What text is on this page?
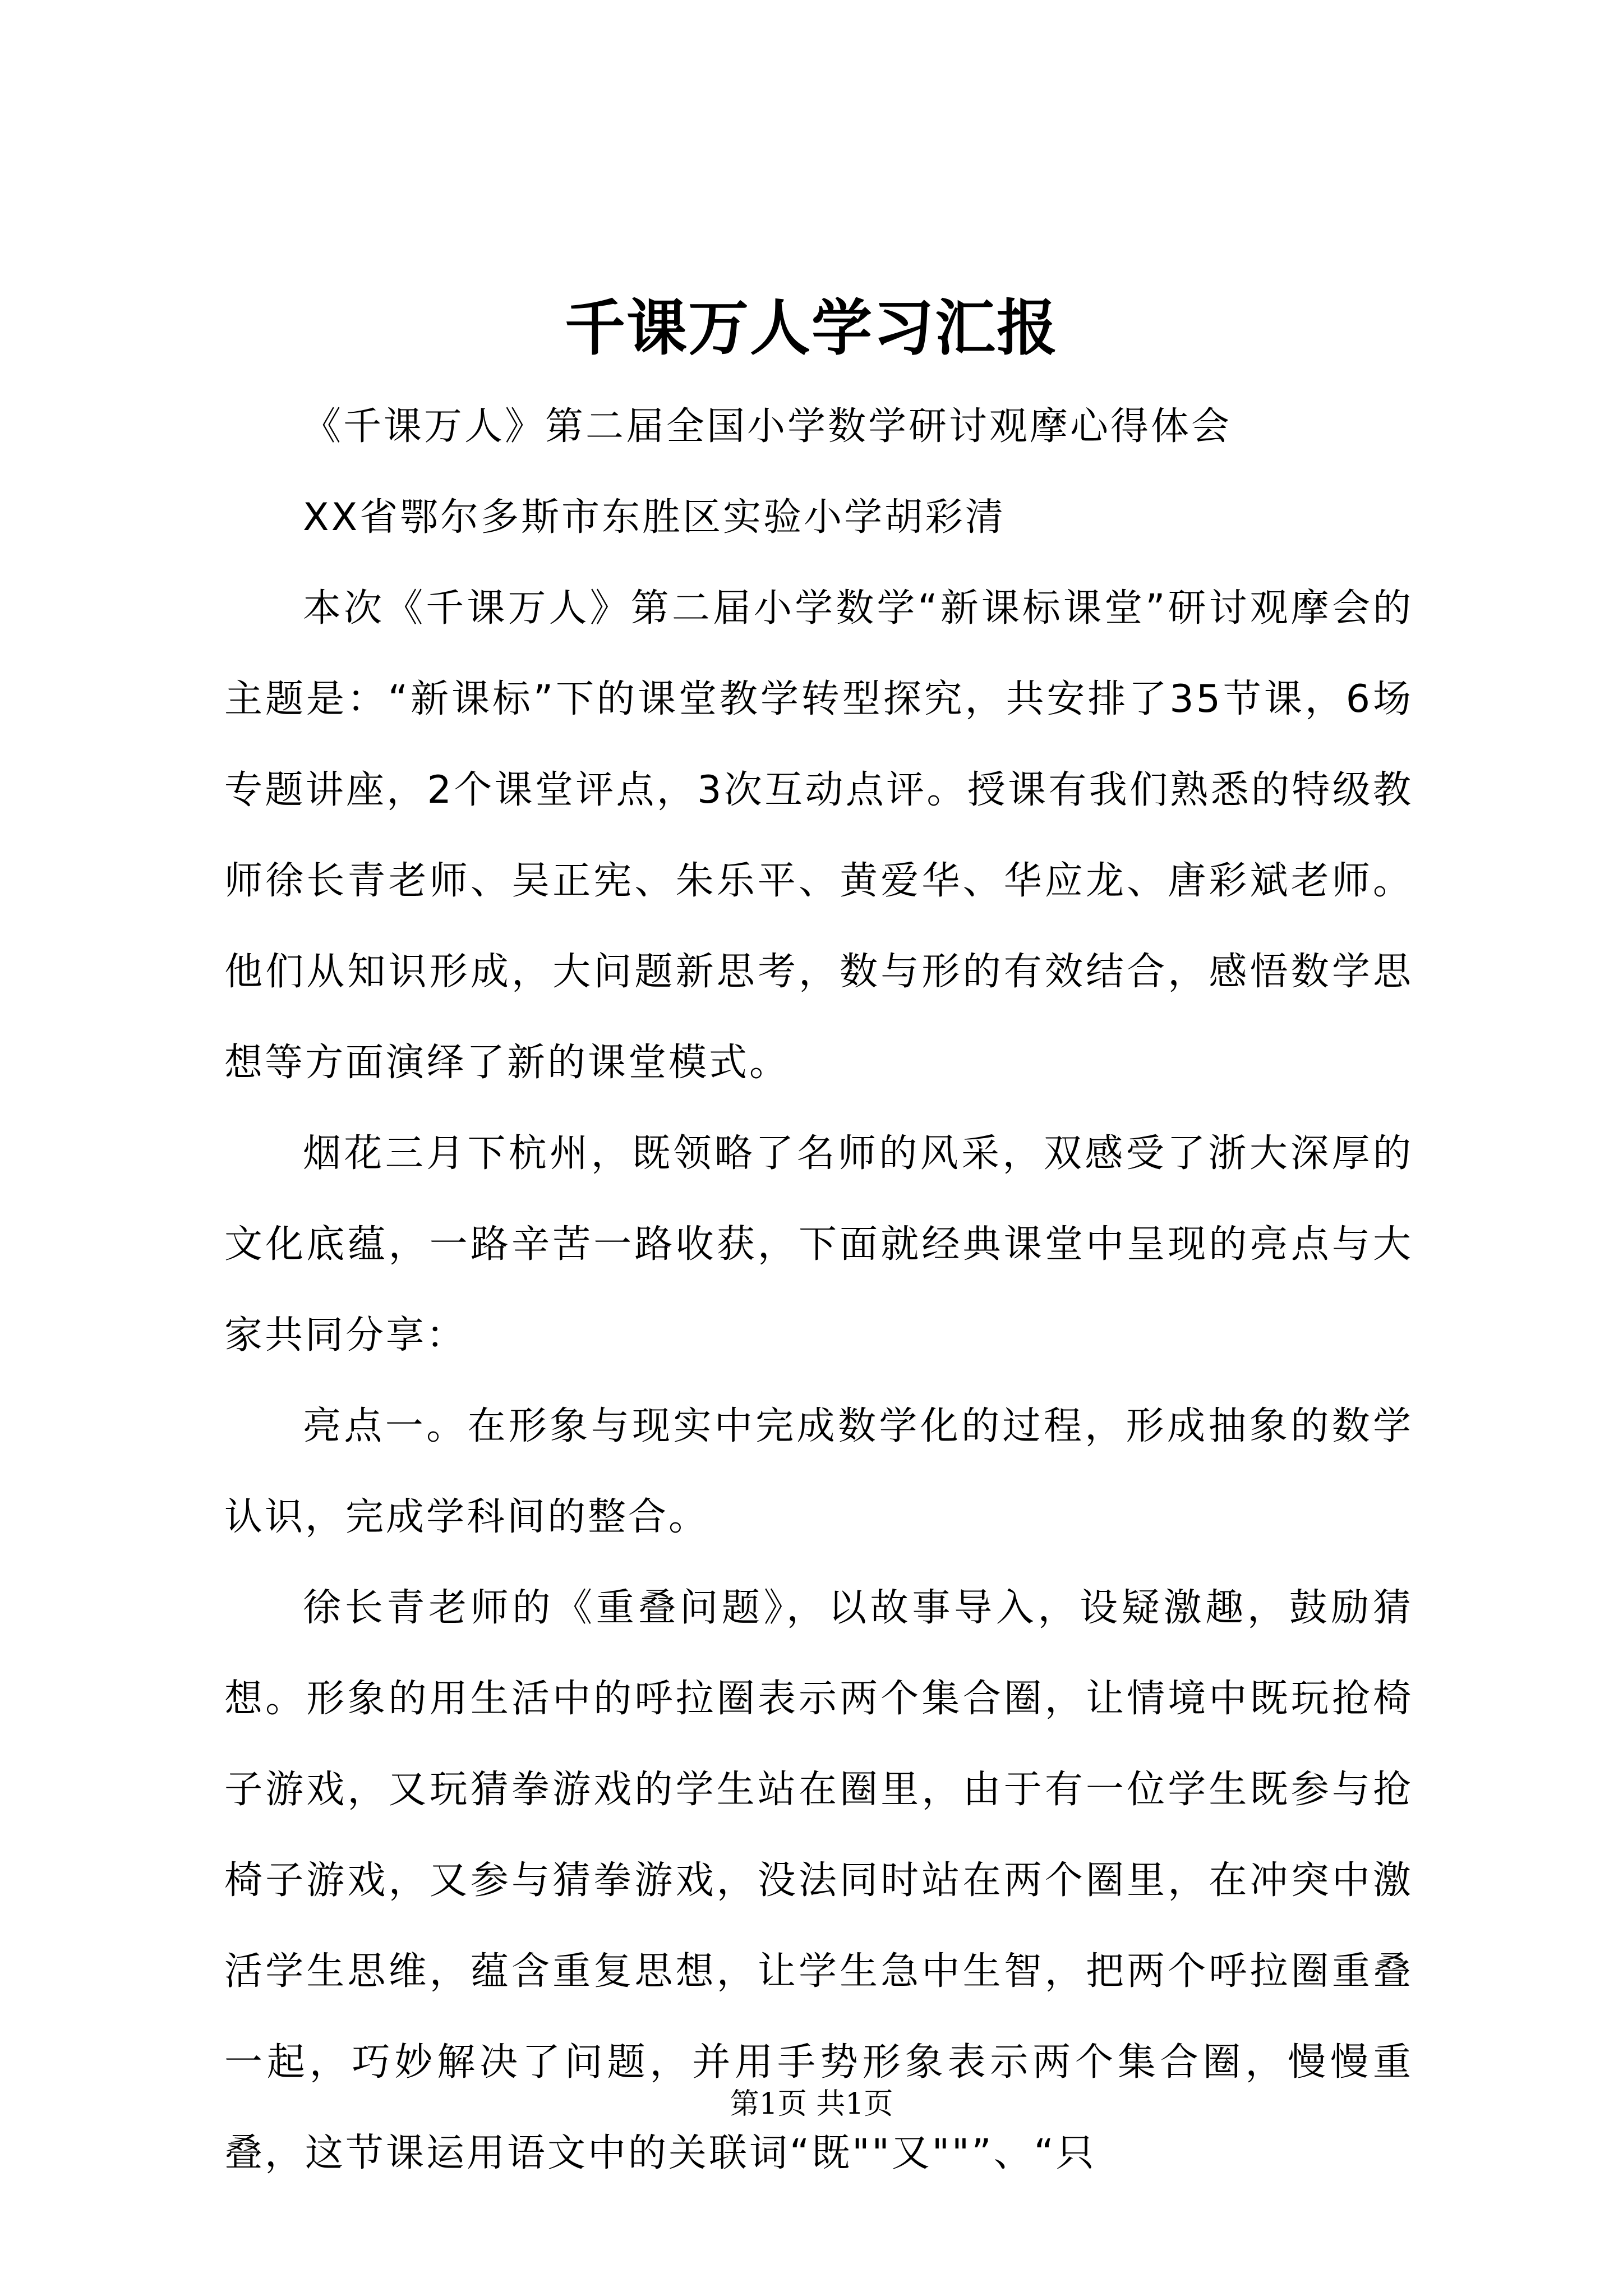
千课万人学习汇报

《千课万人》第二届全国小学数学研讨观摩心得体会

XX省鄂尔多斯市东胜区实验小学胡彩清

本次《千课万人》第二届小学数学“新课标课堂”研讨观摩会的主题是：“新课标”下的课堂教学转型探究，共安排了35节课，6场专题讲座，2个课堂评点，3次互动点评。授课有我们熟悉的特级教师徐长青老师、吴正宪、朱乐平、黄爱华、华应龙、唐彩斌老师。他们从知识形成，大问题新思考，数与形的有效结合，感悟数学思想等方面演绎了新的课堂模式。

烟花三月下杭州，既领略了名师的风采，双感受了浙大深厚的文化底蕴，一路辛苦一路收获，下面就经典课堂中呈现的亮点与大家共同分享：

亮点一。在形象与现实中完成数学化的过程，形成抽象的数学认识，完成学科间的整合。

徐长青老师的《重叠问题》，以故事导入，设疑激趣，鼓励猜想。形象的用生活中的呼拉圈表示两个集合圈，让情境中既玩抢椅子游戏，又玩猜拳游戏的学生站在圈里，由于有一位学生既参与抢椅子游戏，又参与猜拳游戏，没法同时站在两个圈里，在冲突中激活学生思维，蕴含重复思想，让学生急中生智，把两个呼拉圈重叠一起，巧妙解决了问题，并用手势形象表示两个集合圈，慢慢重叠，这节课运用语文中的关联词“既""又""”、“只

第1页 共1页
